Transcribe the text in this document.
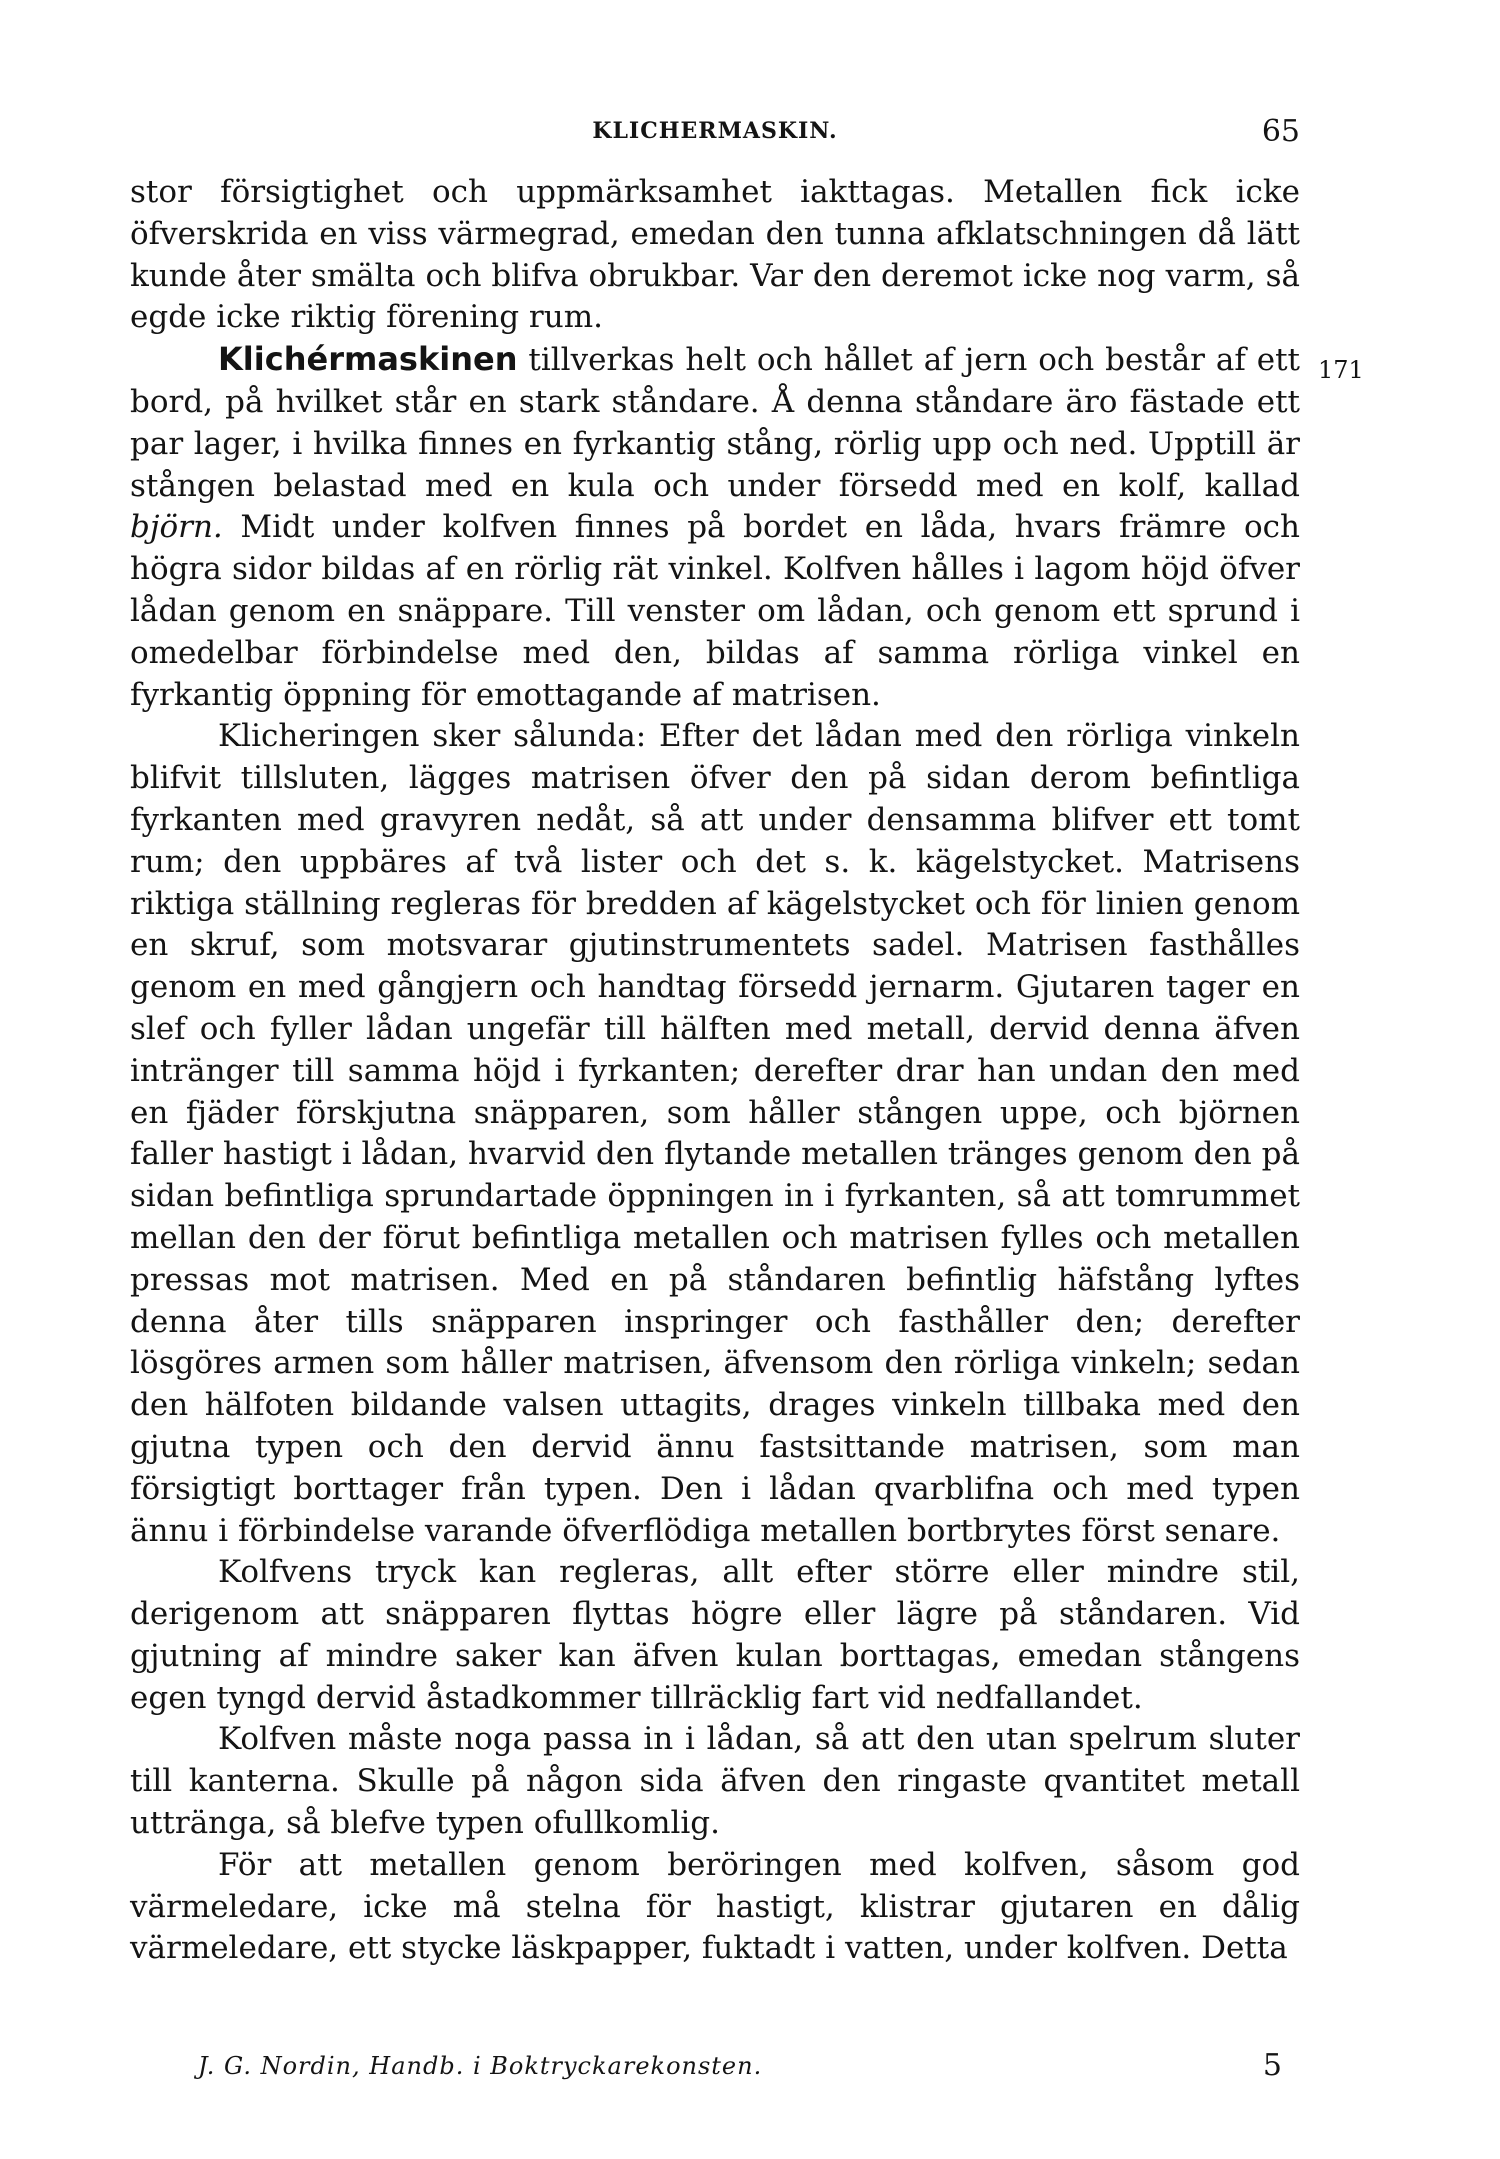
KLICHERMASKIN.	65
171

stor försigtighet och uppmärksamhet iakttagas. Metallen fick icke öfverskrida en viss värmegrad, emedan den tunna afklatschningen då lätt kunde åter smälta och blifva obrukbar. Var den deremot icke nog varm, så egde icke riktig förening rum.

Klichérmaskinen tillverkas helt och hållet af jern och består af ett bord, på hvilket står en stark ståndare. Å denna ståndare äro fästade ett par lager, i hvilka finnes en fyrkantig stång, rörlig upp och ned. Upptill är stången belastad med en kula och under försedd med en kolf, kallad björn. Midt under kolfven finnes på bordet en låda, hvars främre och högra sidor bildas af en rörlig rät vinkel. Kolfven hålles i lagom höjd öfver lådan genom en snäppare. Till venster om lådan, och genom ett sprund i omedelbar förbindelse med den, bildas af samma rörliga vinkel en fyrkantig öppning för emottagande af matrisen.

Klicheringen sker sålunda: Efter det lådan med den rörliga vinkeln blifvit tillsluten, lägges matrisen öfver den på sidan derom befintliga fyrkanten med gravyren nedåt, så att under densamma blifver ett tomt rum; den uppbäres af två lister och det s. k. kägelstycket. Matrisens riktiga ställning regleras för bredden af kägelstycket och för linien genom en skruf, som motsvarar gjutinstrumentets sadel. Matrisen fasthålles genom en med gångjern och handtag försedd jernarm. Gjutaren tager en slef och fyller lådan ungefär till hälften med metall, dervid denna äfven intränger till samma höjd i fyrkanten; derefter drar han undan den med en fjäder förskjutna snäpparen, som håller stången uppe, och björnen faller hastigt i lådan, hvarvid den flytande metallen tränges genom den på sidan befintliga sprundartade öppningen in i fyrkanten, så att tomrummet mellan den der förut befintliga metallen och matrisen fylles och metallen pressas mot matrisen. Med en på ståndaren befintlig häfstång lyftes denna åter tills snäpparen inspringer och fasthåller den; derefter lösgöres armen som håller matrisen, äfvensom den rörliga vinkeln; sedan den hälfoten bildande valsen uttagits, drages vinkeln tillbaka med den gjutna typen och den dervid ännu fastsittande matrisen, som man försigtigt borttager från typen. Den i lådan qvarblifna och med typen ännu i förbindelse varande öfverflödiga metallen bortbrytes först senare.

Kolfvens tryck kan regleras, allt efter större eller mindre stil, derigenom att snäpparen flyttas högre eller lägre på ståndaren. Vid gjutning af mindre saker kan äfven kulan borttagas, emedan stångens egen tyngd dervid åstadkommer tillräcklig fart vid nedfallandet.

Kolfven måste noga passa in i lådan, så att den utan spelrum sluter till kanterna. Skulle på någon sida äfven den ringaste qvantitet metall uttränga, så blefve typen ofullkomlig.

För att metallen genom beröringen med kolfven, såsom god värmeledare, icke må stelna för hastigt, klistrar gjutaren en dålig värmeledare, ett stycke läskpapper, fuktadt i vatten, under kolfven. Detta

J. G. Nordin, Handb. i Boktryckarekonsten.	5
